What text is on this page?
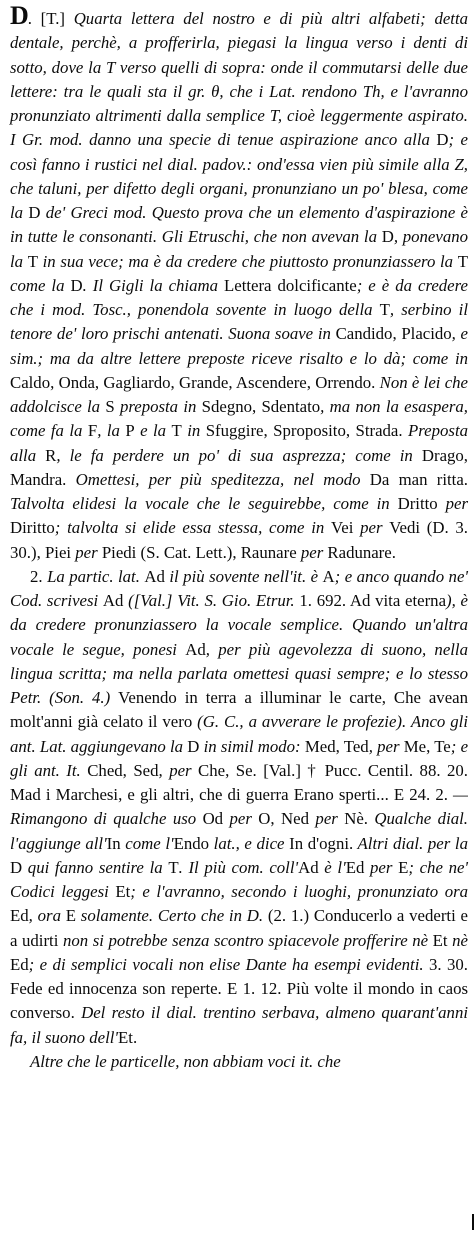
D. [T.] Quarta lettera del nostro e di più altri alfabeti; detta dentale, perchè, a profferirla, piegasi la lingua verso i denti di sotto, dove la T verso quelli di sopra: onde il commutarsi delle due lettere: tra le quali sta il gr. θ, che i Lat. rendono Th, e l'avranno pronunziato altrimenti dalla semplice T, cioè leggermente aspirato. I Gr. mod. danno una specie di tenue aspirazione anco alla D; e così fanno i rustici nel dial. padov.: ond'essa vien più simile alla Z, che taluni, per difetto degli organi, pronunziano un po' blesa, come la D de' Greci mod. Questo prova che un elemento d'aspirazione è in tutte le consonanti. Gli Etruschi, che non avevan la D, ponevano la T in sua vece; ma è da credere che piuttosto pronunziassero la T come la D. Il Gigli la chiama Lettera dolcificante; e è da credere che i mod. Tosc., ponendola sovente in luogo della T, serbino il tenore de' loro prischi antenati. Suona soave in Candido, Placido, e sim.; ma da altre lettere preposte riceve risalto e lo dà; come in Caldo, Onda, Gagliardo, Grande, Ascendere, Orrendo. Non è lei che addolcisce la S preposta in Sdegno, Sdentato, ma non la esaspera, come fa la F, la P e la T in Sfuggire, Sproposito, Strada. Preposta alla R, le fa perdere un po' di sua asprezza; come in Drago, Mandra. Omettesi, per più speditezza, nel modo Da man ritta. Talvolta elidesi la vocale che le seguirebbe, come in Dritto per Diritto; talvolta si elide essa stessa, come in Vei per Vedi (D. 3. 30.), Piei per Piedi (S. Cat. Lett.), Raunare per Radunare.

2. La partic. lat. Ad il più sovente nell'it. è A; e anco quando ne' Cod. scrivesi Ad ([Val.] Vit. S. Gio. Etrur. 1. 692. Ad vita eterna), è da credere pronunziassero la vocale semplice. Quando un'altra vocale le segue, ponesi Ad, per più agevolezza di suono, nella lingua scritta; ma nella parlata omettesi quasi sempre; e lo stesso Petr. (Son. 4.) Venendo in terra a illuminar le carte, Che avean molt'anni già celato il vero (G. C., a avverare le profezie). Anco gli ant. Lat. aggiungevano la D in simil modo: Med, Ted, per Me, Te; e gli ant. It. Ched, Sed, per Che, Se. [Val.] † Pucc. Centil. 88. 20. Mad i Marchesi, e gli altri, che di guerra Erano sperti... E 24. 2. — Rimangono di qualche uso Od per O, Ned per Nè. Qualche dial. l'aggiunge all'In come l'Endo lat., e dice In d'ogni. Altri dial. per la D qui fanno sentire la T. Il più com. coll'Ad è l'Ed per E; che ne' Codici leggesi Et; e l'avranno, secondo i luoghi, pronunziato ora Ed, ora E solamente. Certo che in D. (2. 1.) Conducerlo a vederti e a udirti non si potrebbe senza scontro spiacevole profferire nè Et nè Ed; e di semplici vocali non elise Dante ha esempi evidenti. 3. 30. Fede ed innocenza son reperte. E 1. 12. Più volte il mondo in caos converso. Del resto il dial. trentino serbava, almeno quarant'anni fa, il suono dell'Et.

Altre che le particelle, non abbiam voci it. che
